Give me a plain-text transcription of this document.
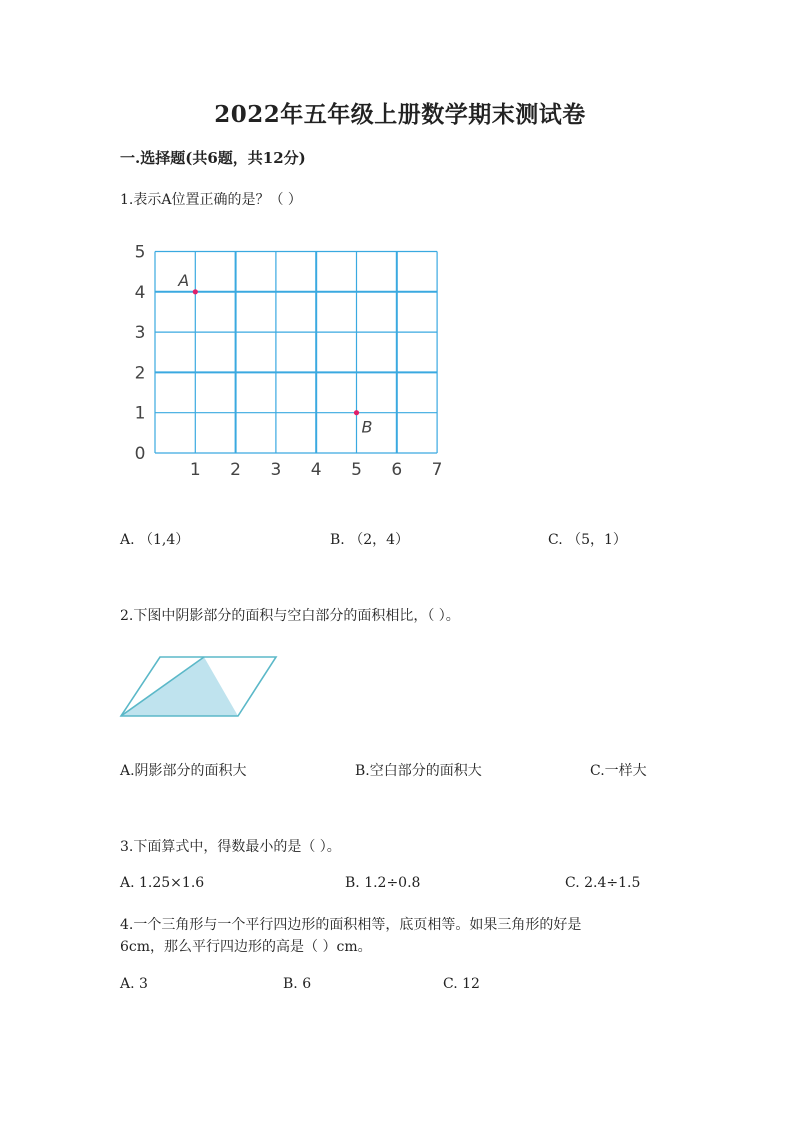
2022年五年级上册数学期末测试卷
一.选择题(共6题，共12分)
1.表示A位置正确的是？（ ）
1 2 3 4 5 6 7
0
1
2
3
4
5
A
B
A. （1,4）	B. （2，4）	C. （5，1）
2.下图中阴影部分的面积与空白部分的面积相比，（ ）。
A.阴影部分的面积大	B.空白部分的面积大	C.一样大
3.下面算式中，得数最小的是（ ）。
A. 1.25×1.6	B. 1.2÷0.8	C. 2.4÷1.5
4.一个三角形与一个平行四边形的面积相等，底页相等。如果三角形的好是
6cm，那么平行四边形的高是（ ）cm。
A. 3	B. 6	C. 12
